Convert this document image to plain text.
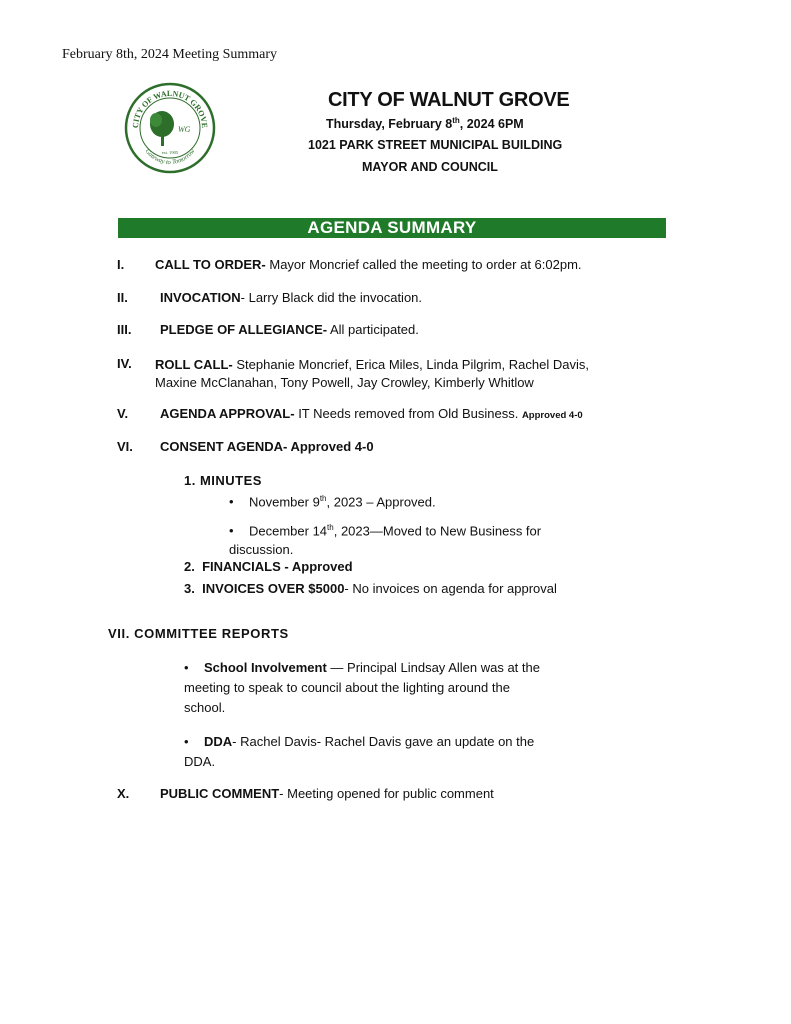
February 8th, 2024 Meeting Summary
CITY OF WALNUT GROVE
Gateway to Tomorrow
WG
est. 1905
CITY OF WALNUT GROVE
Thursday, February 8th, 2024 6PM
1021 PARK STREET MUNICIPAL BUILDING
MAYOR AND COUNCIL
AGENDA SUMMARY
I. CALL TO ORDER- Mayor Moncrief called the meeting to order at 6:02pm.
II. INVOCATION- Larry Black did the invocation.
III. PLEDGE OF ALLEGIANCE- All participated.
IV. ROLL CALL- Stephanie Moncrief, Erica Miles, Linda Pilgrim, Rachel Davis,
Maxine McClanahan, Tony Powell, Jay Crowley, Kimberly Whitlow
V. AGENDA APPROVAL- IT Needs removed from Old Business. Approved 4-0
VI. CONSENT AGENDA- Approved 4-0
1. MINUTES
• November 9th, 2023 – Approved.
• December 14th, 2023—Moved to New Business for
discussion.
2. FINANCIALS - Approved
3. INVOICES OVER $5000- No invoices on agenda for approval
VII. COMMITTEE REPORTS
• School Involvement — Principal Lindsay Allen was at the
meeting to speak to council about the lighting around the
school.
• DDA- Rachel Davis- Rachel Davis gave an update on the
DDA.
X. PUBLIC COMMENT- Meeting opened for public comment
